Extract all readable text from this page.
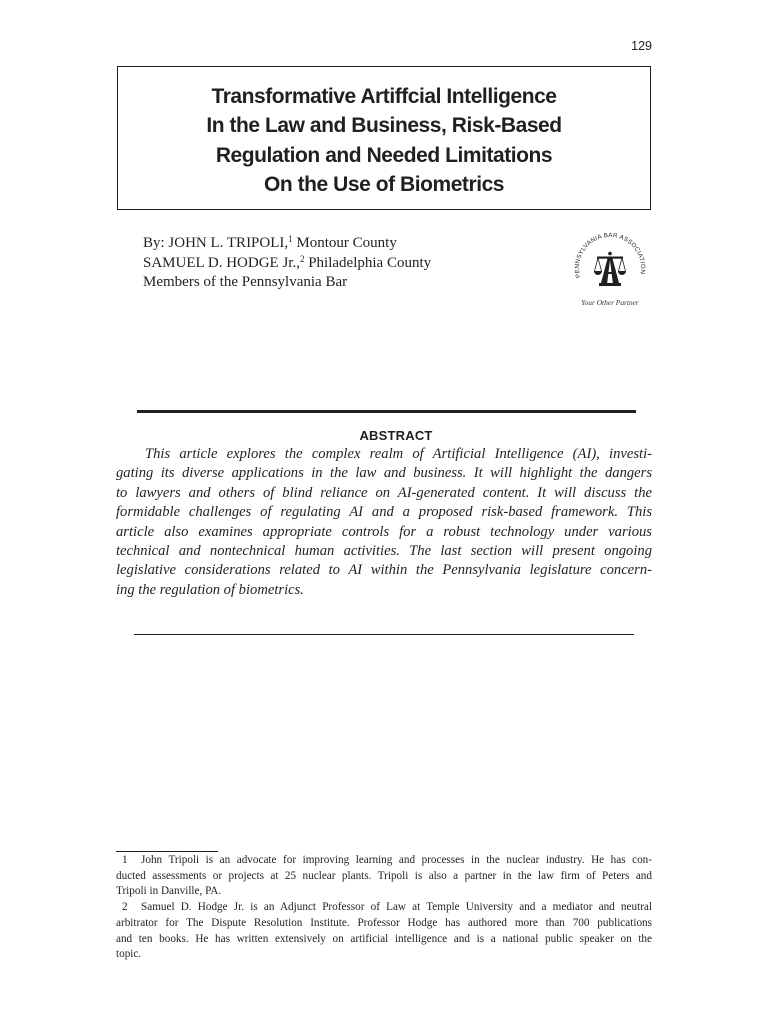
129
Transformative Artiffcial Intelligence
In the Law and Business, Risk-Based
Regulation and Needed Limitations
On the Use of Biometrics
By: JOHN L. TRIPOLI,$^1$ Montour County
SAMUEL D. HODGE Jr.,$^2$ Philadelphia County
Members of the Pennsylvania Bar	PENNSYLVANIA BAR ASSOCIATION
Your Other Partner
ABSTRACT
This article explores the complex realm of Artificial Intelligence (AI), investi-
gating its diverse applications in the law and business. It will highlight the dangers
to lawyers and others of blind reliance on AI-generated content. It will discuss the
formidable challenges of regulating AI and a proposed risk-based framework. This
article also examines appropriate controls for a robust technology under various
technical and nontechnical human activities. The last section will present ongoing
legislative considerations related to AI within the Pennsylvania legislature concern-
ing the regulation of biometrics.
1	John Tripoli is an advocate for improving learning and processes in the nuclear industry. He has con-
ducted assessments or projects at 25 nuclear plants. Tripoli is also a partner in the law firm of Peters and
Tripoli in Danville, PA.
2	Samuel D. Hodge Jr. is an Adjunct Professor of Law at Temple University and a mediator and neutral
arbitrator for The Dispute Resolution Institute. Professor Hodge has authored more than 700 publications
and ten books. He has written extensively on artificial intelligence and is a national public speaker on the
topic.
